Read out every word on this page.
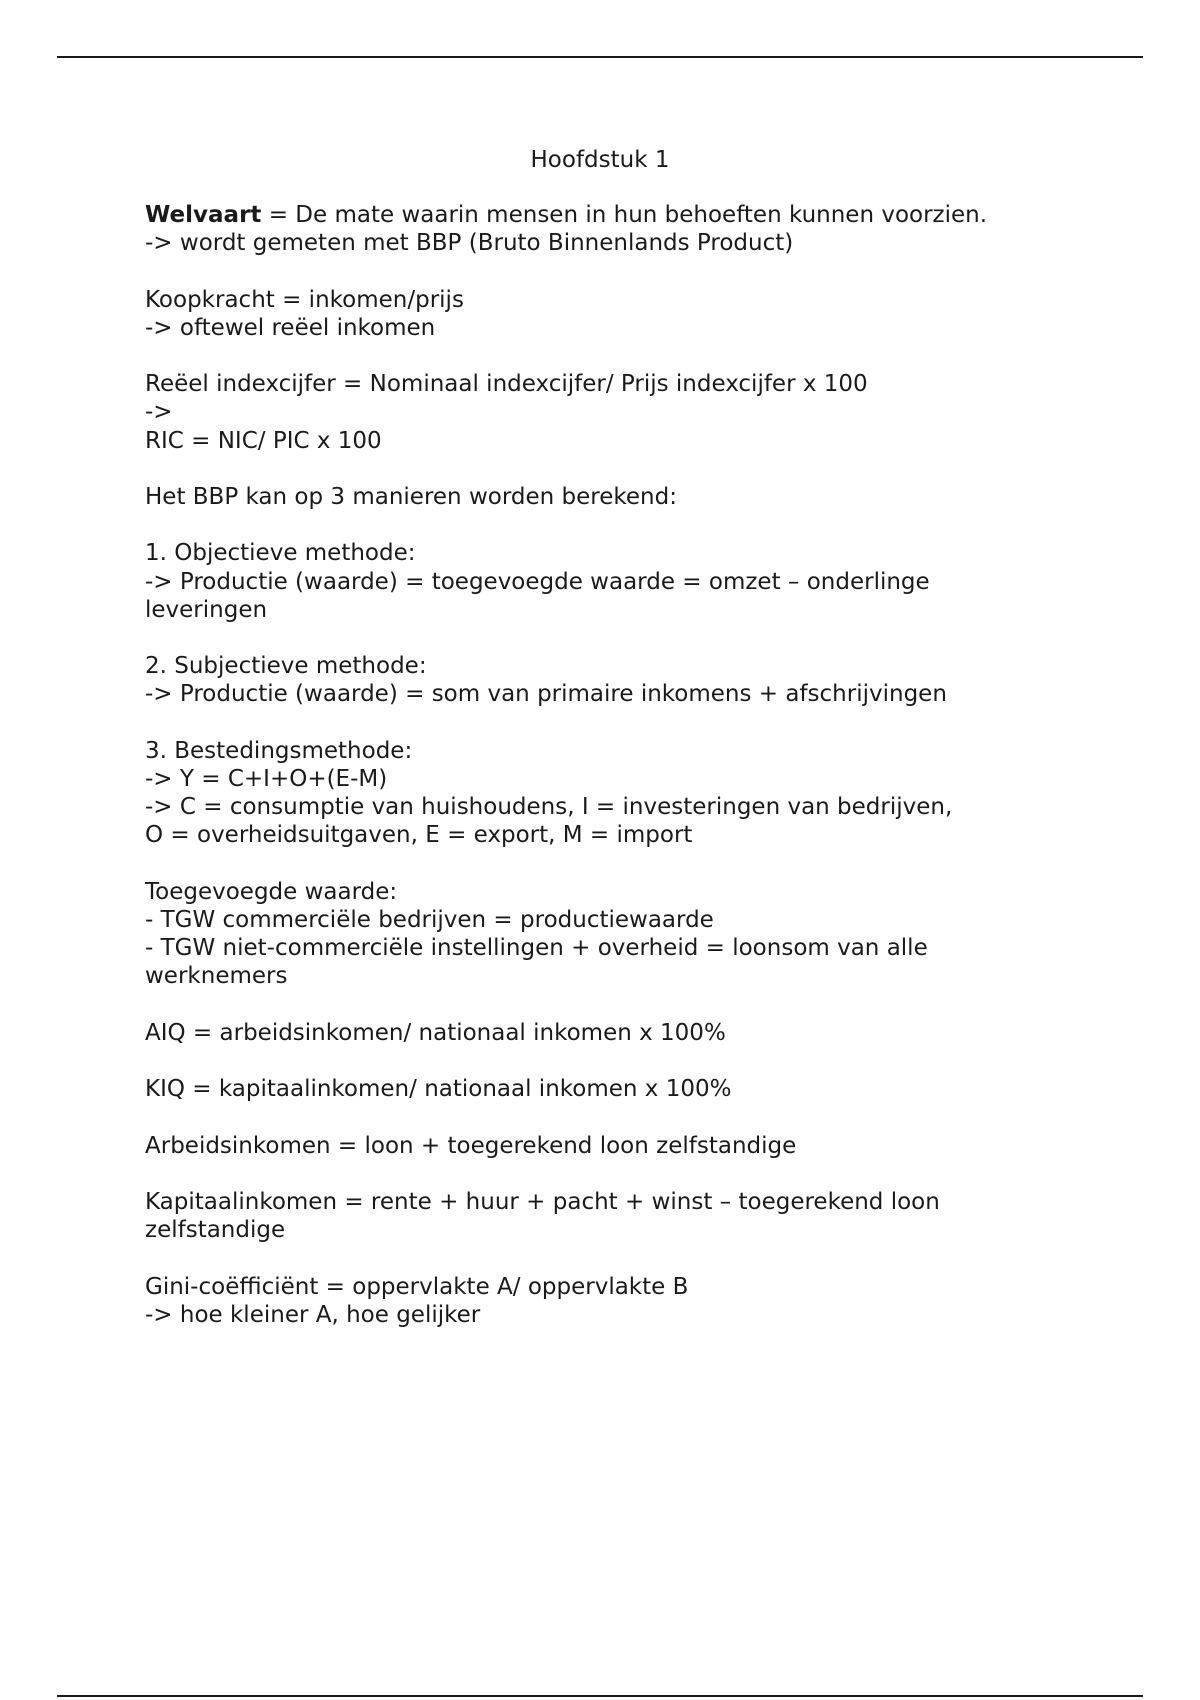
Hoofdstuk 1
Welvaart = De mate waarin mensen in hun behoeften kunnen voorzien.
-> wordt gemeten met BBP (Bruto Binnenlands Product)
Koopkracht = inkomen/prijs
-> oftewel reëel inkomen
Reëel indexcijfer = Nominaal indexcijfer/ Prijs indexcijfer x 100
->
RIC = NIC/ PIC x 100
Het BBP kan op 3 manieren worden berekend:
1. Objectieve methode:
-> Productie (waarde) = toegevoegde waarde = omzet – onderlinge
leveringen
2. Subjectieve methode:
-> Productie (waarde) = som van primaire inkomens + afschrijvingen
3. Bestedingsmethode:
-> Y = C+I+O+(E-M)
-> C = consumptie van huishoudens, I = investeringen van bedrijven,
O = overheidsuitgaven, E = export, M = import
Toegevoegde waarde:
- TGW commerciële bedrijven = productiewaarde
- TGW niet-commerciële instellingen + overheid = loonsom van alle
werknemers
AIQ = arbeidsinkomen/ nationaal inkomen x 100%
KIQ = kapitaalinkomen/ nationaal inkomen x 100%
Arbeidsinkomen = loon + toegerekend loon zelfstandige
Kapitaalinkomen = rente + huur + pacht + winst – toegerekend loon
zelfstandige
Gini-coëfficiënt = oppervlakte A/ oppervlakte B
-> hoe kleiner A, hoe gelijker
